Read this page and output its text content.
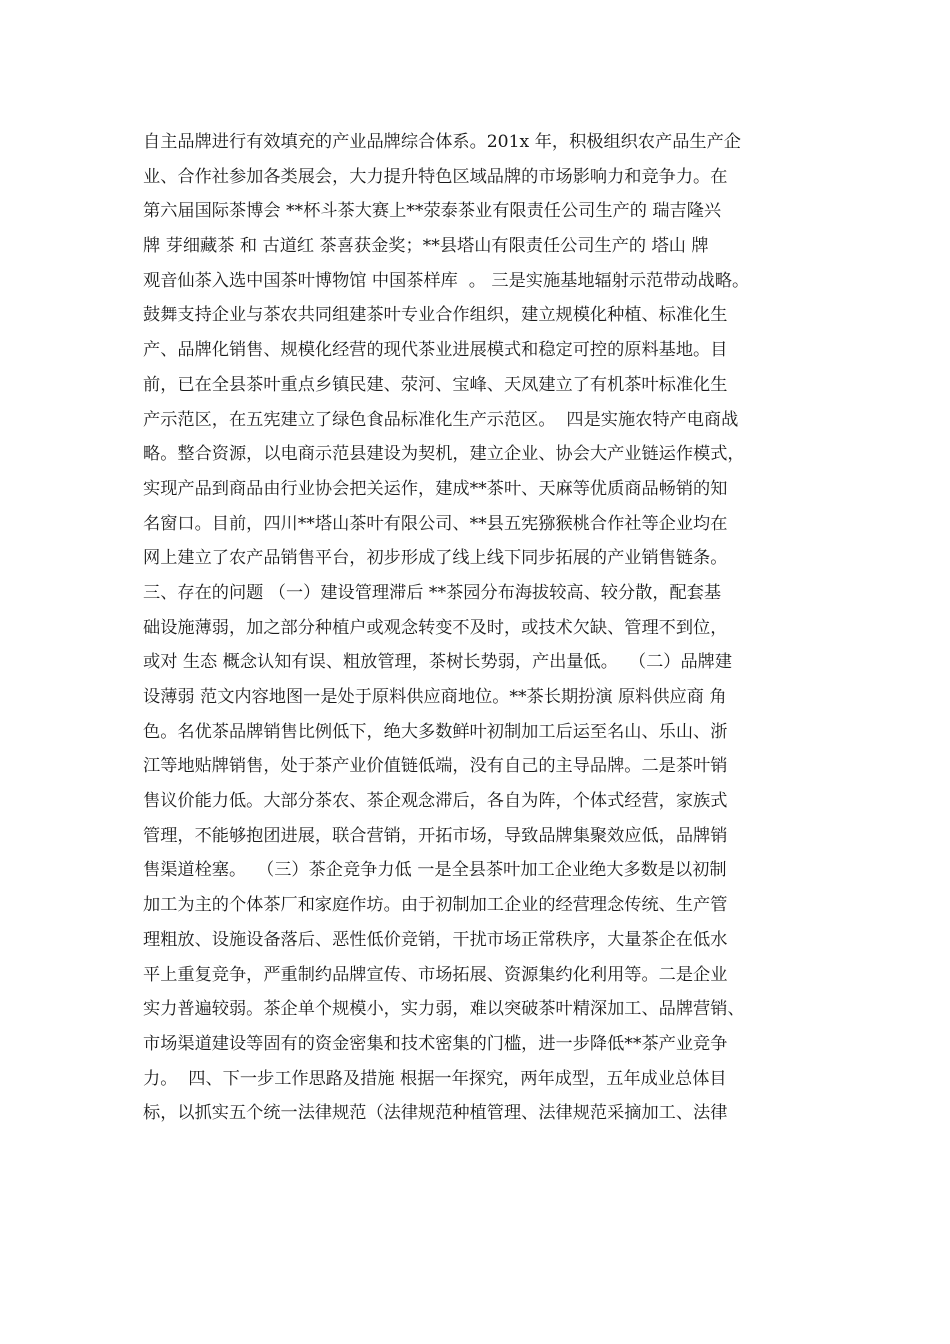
自主品牌进行有效填充的产业品牌综合体系。201x 年，积极组织农产品生产企
业、合作社参加各类展会，大力提升特色区域品牌的市场影响力和竞争力。在
第六届国际茶博会 **杯斗茶大赛上**荥泰茶业有限责任公司生产的 瑞吉隆兴
牌 芽细藏茶 和 古道红 茶喜获金奖；**县塔山有限责任公司生产的 塔山 牌
观音仙茶入选中国茶叶博物馆 中国茶样库  。 三是实施基地辐射示范带动战略。
鼓舞支持企业与茶农共同组建茶叶专业合作组织，建立规模化种植、标准化生
产、品牌化销售、规模化经营的现代茶业进展模式和稳定可控的原料基地。目
前，已在全县茶叶重点乡镇民建、荥河、宝峰、天凤建立了有机茶叶标准化生
产示范区，在五宪建立了绿色食品标准化生产示范区。  四是实施农特产电商战
略。整合资源，以电商示范县建设为契机，建立企业、协会大产业链运作模式，
实现产品到商品由行业协会把关运作，建成**茶叶、天麻等优质商品畅销的知
名窗口。目前，四川**塔山茶叶有限公司、**县五宪猕猴桃合作社等企业均在
网上建立了农产品销售平台，初步形成了线上线下同步拓展的产业销售链条。
三、存在的问题 （一）建设管理滞后 **茶园分布海拔较高、较分散，配套基
础设施薄弱，加之部分种植户或观念转变不及时，或技术欠缺、管理不到位，
或对 生态 概念认知有误、粗放管理，茶树长势弱，产出量低。  （二）品牌建
设薄弱 范文内容地图一是处于原料供应商地位。**茶长期扮演 原料供应商 角
色。名优茶品牌销售比例低下，绝大多数鲜叶初制加工后运至名山、乐山、浙
江等地贴牌销售，处于茶产业价值链低端，没有自己的主导品牌。二是茶叶销
售议价能力低。大部分茶农、茶企观念滞后，各自为阵，个体式经营，家族式
管理，不能够抱团进展，联合营销，开拓市场，导致品牌集聚效应低，品牌销
售渠道栓塞。  （三）茶企竞争力低 一是全县茶叶加工企业绝大多数是以初制
加工为主的个体茶厂和家庭作坊。由于初制加工企业的经营理念传统、生产管
理粗放、设施设备落后、恶性低价竞销，干扰市场正常秩序，大量茶企在低水
平上重复竞争，严重制约品牌宣传、市场拓展、资源集约化利用等。二是企业
实力普遍较弱。茶企单个规模小，实力弱，难以突破茶叶精深加工、品牌营销、
市场渠道建设等固有的资金密集和技术密集的门槛，进一步降低**茶产业竞争
力。  四、下一步工作思路及措施 根据一年探究，两年成型，五年成业总体目
标，以抓实五个统一法律规范（法律规范种植管理、法律规范采摘加工、法律
